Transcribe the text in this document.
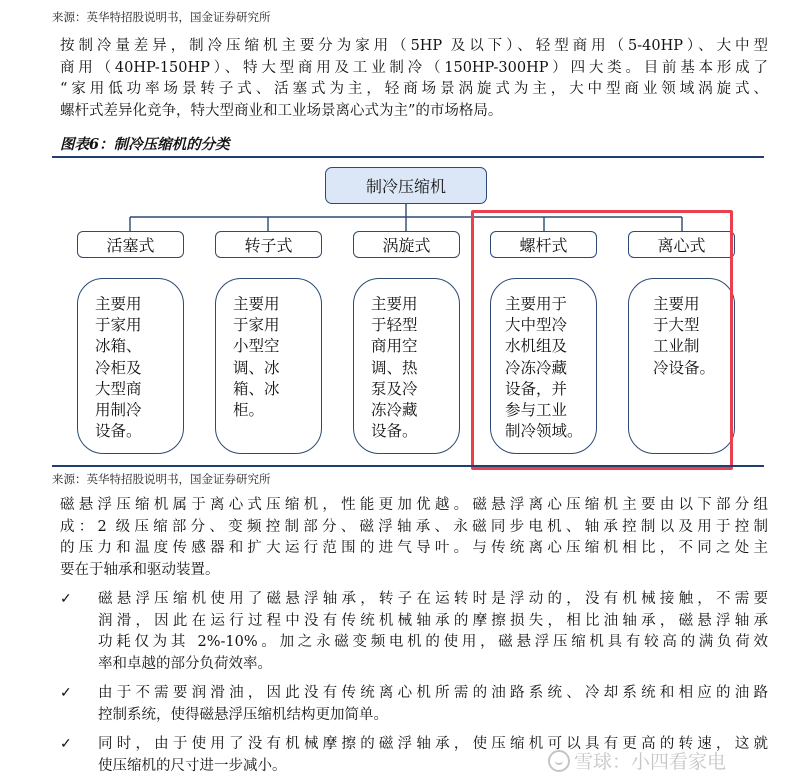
来源：英华特招股说明书，国金证券研究所
按制冷量差异，制冷压缩机主要分为家用（5HP 及以下）、轻型商用（5-40HP）、大中型
商用（40HP-150HP）、特大型商用及工业制冷（150HP-300HP）四大类。目前基本形成了
“家用低功率场景转子式、活塞式为主，轻商场景涡旋式为主，大中型商业领域涡旋式、
螺杆式差异化竞争，特大型商业和工业场景离心式为主”的市场格局。
图表6：制冷压缩机的分类
制冷压缩机
活塞式	转子式	涡旋式	螺杆式	离心式
主要用
于家用
冰箱、
冷柜及
大型商
用制冷
设备。
主要用
于家用
小型空
调、冰
箱、冰
柜。
主要用
于轻型
商用空
调、热
泵及冷
冻冷藏
设备。
主要用于
大中型冷
水机组及
冷冻冷藏
设备，并
参与工业
制冷领域。
主要用
于大型
工业制
冷设备。
来源：英华特招股说明书，国金证券研究所
磁悬浮压缩机属于离心式压缩机，性能更加优越。磁悬浮离心压缩机主要由以下部分组
成：2 级压缩部分、变频控制部分、磁浮轴承、永磁同步电机、轴承控制以及用于控制
的压力和温度传感器和扩大运行范围的进气导叶。与传统离心压缩机相比，不同之处主
要在于轴承和驱动装置。
✓ 磁悬浮压缩机使用了磁悬浮轴承，转子在运转时是浮动的，没有机械接触，不需要
润滑，因此在运行过程中没有传统机械轴承的摩擦损失，相比油轴承，磁悬浮轴承
功耗仅为其 2%-10%。加之永磁变频电机的使用，磁悬浮压缩机具有较高的满负荷效
率和卓越的部分负荷效率。
✓ 由于不需要润滑油，因此没有传统离心机所需的油路系统、冷却系统和相应的油路
控制系统，使得磁悬浮压缩机结构更加简单。
✓ 同时，由于使用了没有机械摩擦的磁浮轴承，使压缩机可以具有更高的转速，这就
使压缩机的尺寸进一步减小。	雪球：小四看家电
